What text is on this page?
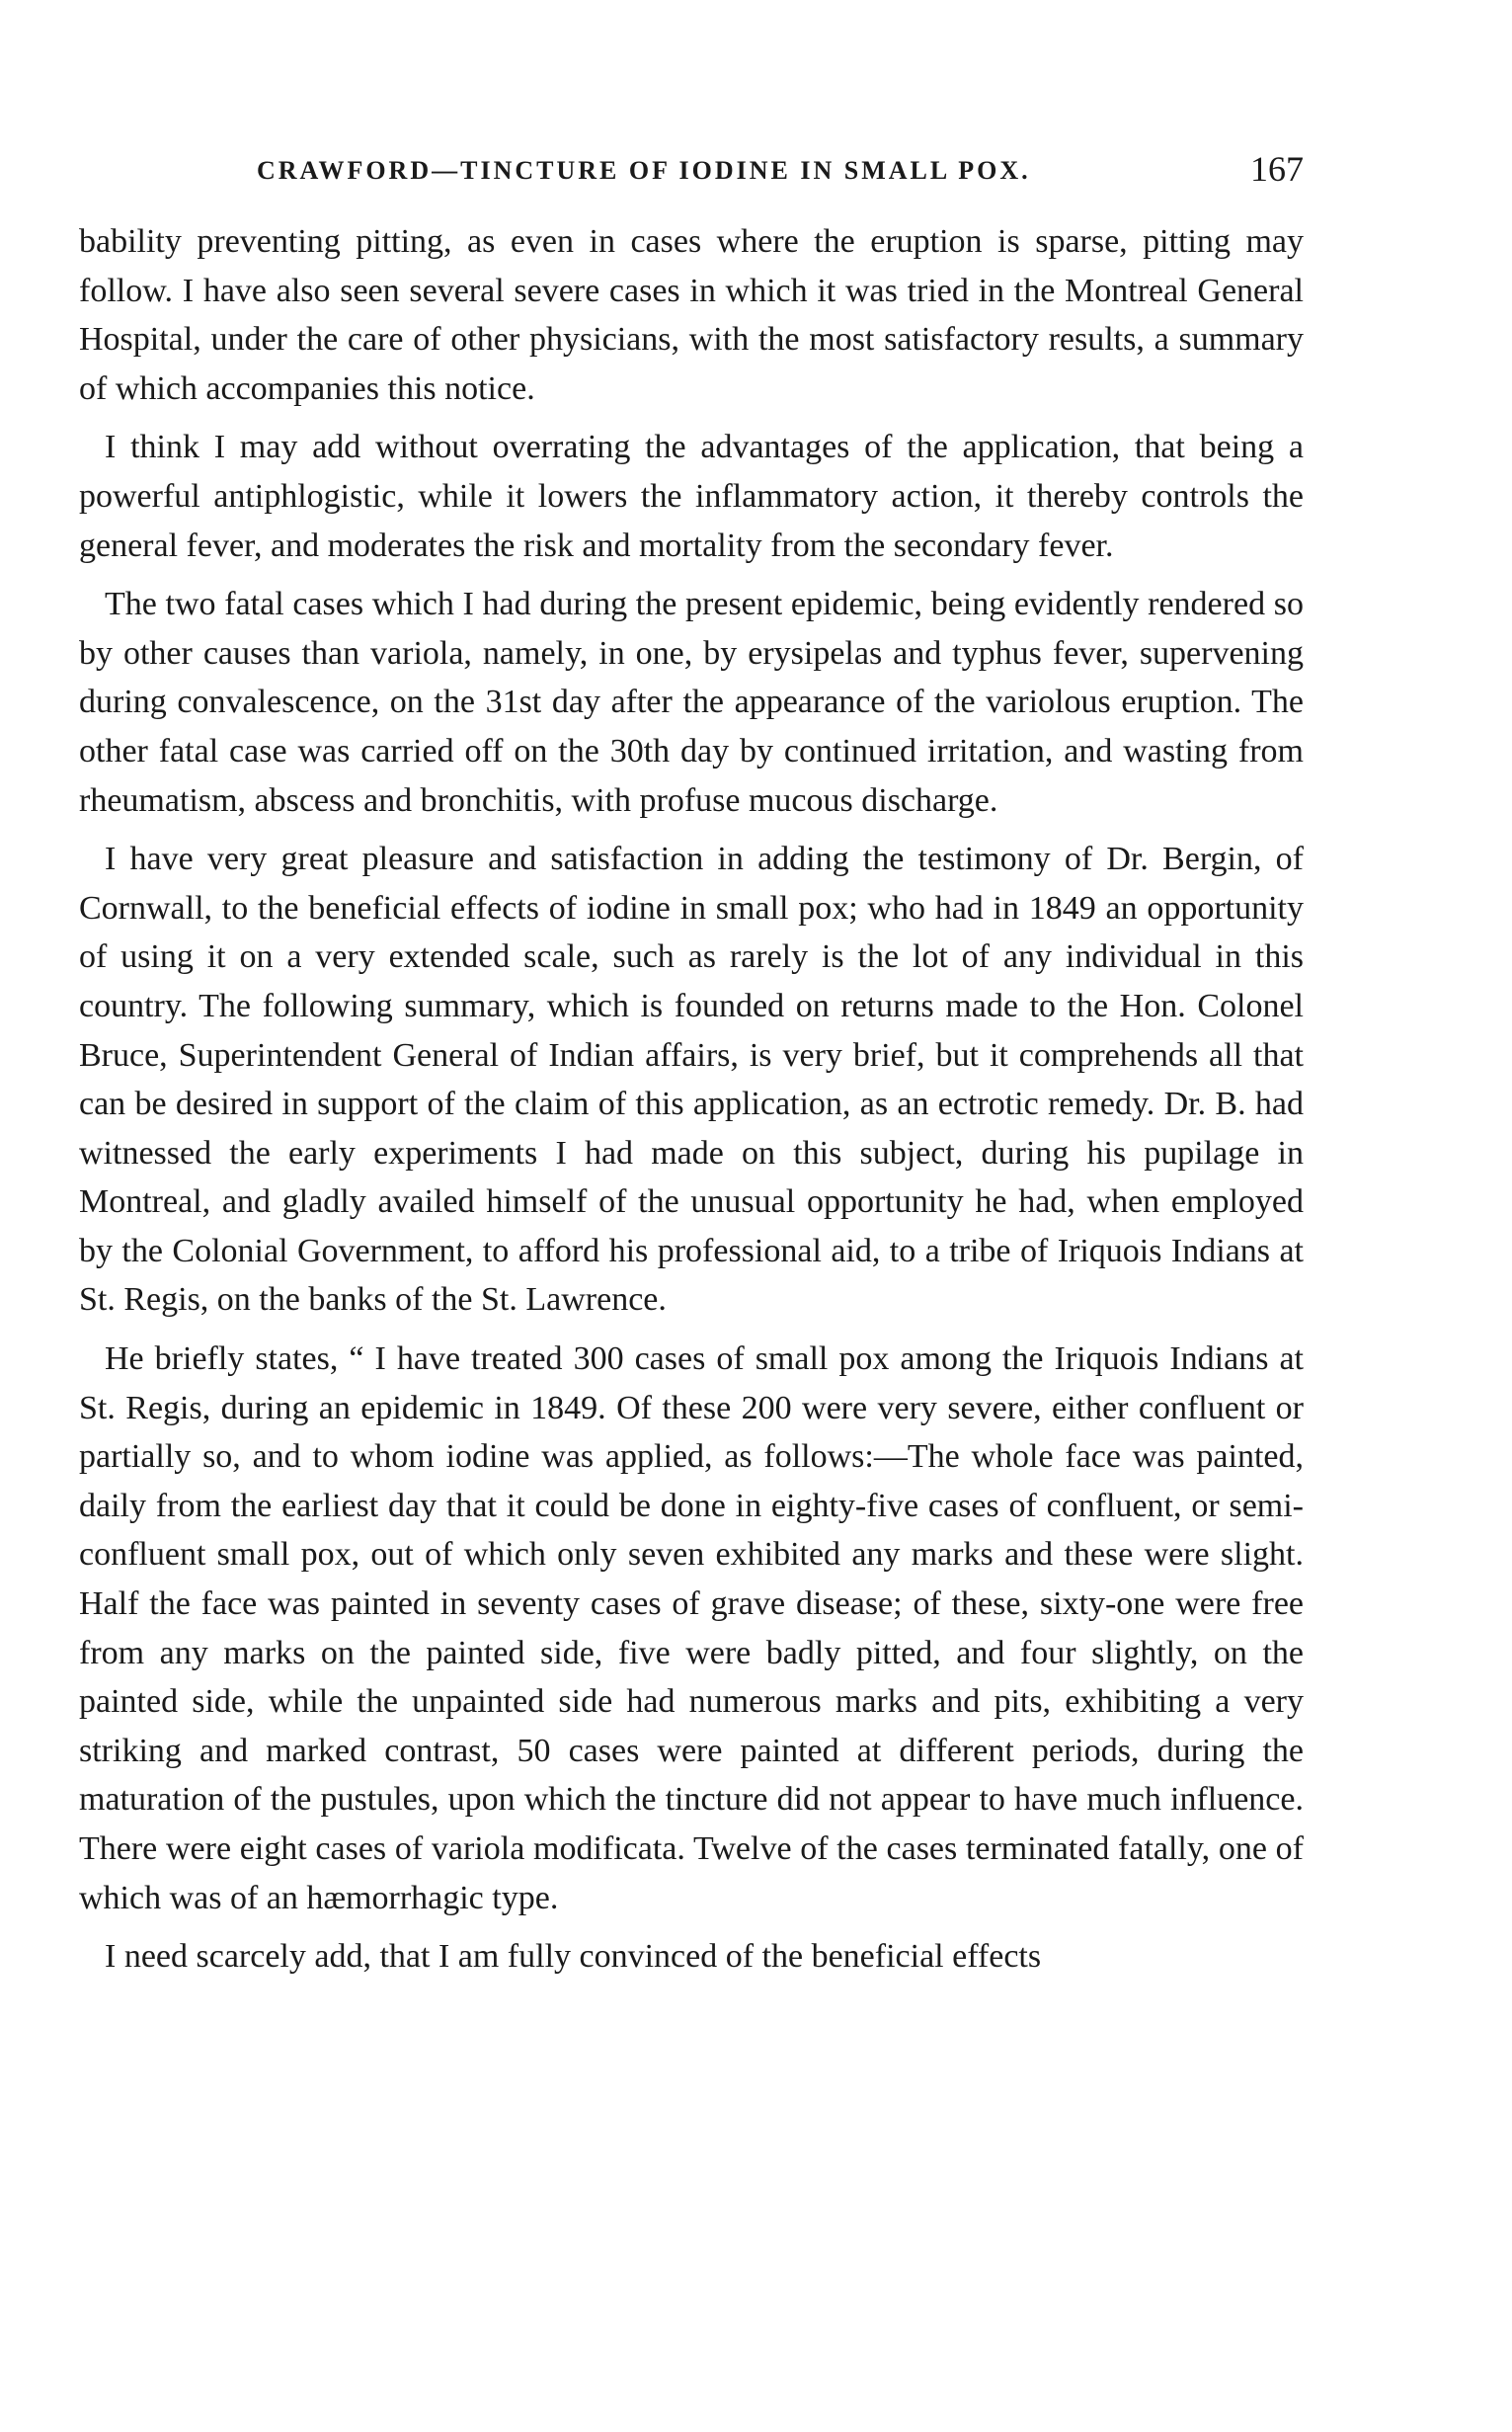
CRAWFORD—TINCTURE OF IODINE IN SMALL POX.	167

bability preventing pitting, as even in cases where the eruption is sparse, pitting may follow. I have also seen several severe cases in which it was tried in the Montreal General Hospital, under the care of other physicians, with the most satisfactory results, a summary of which accompanies this notice.

I think I may add without overrating the advantages of the application, that being a powerful antiphlogistic, while it lowers the inflammatory action, it thereby controls the general fever, and moderates the risk and mortality from the secondary fever.

The two fatal cases which I had during the present epidemic, being evidently rendered so by other causes than variola, namely, in one, by erysipelas and typhus fever, supervening during convalescence, on the 31st day after the appearance of the variolous eruption. The other fatal case was carried off on the 30th day by continued irritation, and wasting from rheumatism, abscess and bronchitis, with profuse mucous discharge.

I have very great pleasure and satisfaction in adding the testimony of Dr. Bergin, of Cornwall, to the beneficial effects of iodine in small pox; who had in 1849 an opportunity of using it on a very extended scale, such as rarely is the lot of any individual in this country. The following summary, which is founded on returns made to the Hon. Colonel Bruce, Superintendent General of Indian affairs, is very brief, but it comprehends all that can be desired in support of the claim of this application, as an ectrotic remedy. Dr. B. had witnessed the early experiments I had made on this subject, during his pupilage in Montreal, and gladly availed himself of the unusual opportunity he had, when employed by the Colonial Government, to afford his professional aid, to a tribe of Iriquois Indians at St. Regis, on the banks of the St. Lawrence.

He briefly states, “ I have treated 300 cases of small pox among the Iriquois Indians at St. Regis, during an epidemic in 1849. Of these 200 were very severe, either confluent or partially so, and to whom iodine was applied, as follows:—The whole face was painted, daily from the earliest day that it could be done in eighty-five cases of confluent, or semi-confluent small pox, out of which only seven exhibited any marks and these were slight. Half the face was painted in seventy cases of grave disease; of these, sixty-one were free from any marks on the painted side, five were badly pitted, and four slightly, on the painted side, while the unpainted side had numerous marks and pits, exhibiting a very striking and marked contrast, 50 cases were painted at different periods, during the maturation of the pustules, upon which the tincture did not appear to have much influence. There were eight cases of variola modificata. Twelve of the cases terminated fatally, one of which was of an hæmorrhagic type.

I need scarcely add, that I am fully convinced of the beneficial effects
